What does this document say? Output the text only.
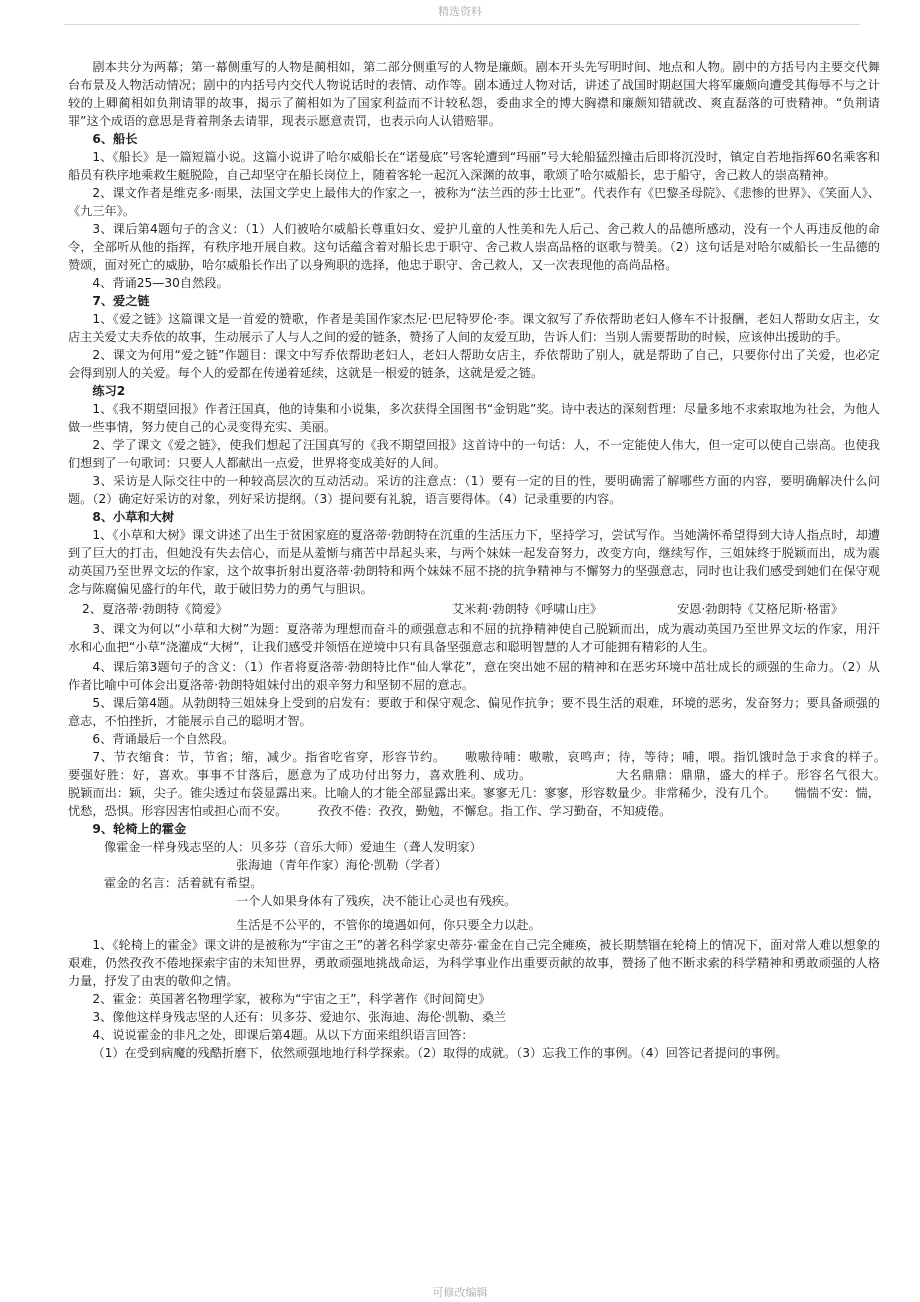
精选资料

剧本共分为两幕；第一幕侧重写的人物是蔺相如，第二部分侧重写的人物是廉颇。剧本开头先写明时间、地点和人物。剧中的方括号内主要交代舞台布景及人物活动情况；剧中的内括号内交代人物说话时的表情、动作等。剧本通过人物对话，讲述了战国时期赵国大将军廉颇向遭受其侮辱不与之计较的上卿蔺相如负荆请罪的故事，揭示了蔺相如为了国家利益而不计较私怨，委曲求全的博大胸襟和廉颇知错就改、爽直磊落的可贵精神。“负荆请罪”这个成语的意思是背着荆条去请罪，现表示愿意责罚，也表示向人认错赔罪。

6、船长

1、《船长》是一篇短篇小说。这篇小说讲了哈尔威船长在“诺曼底”号客轮遭到“玛丽”号大轮船猛烈撞击后即将沉没时，镇定自若地指挥60名乘客和船员有秩序地乘救生艇脱险，自己却坚守在船长岗位上，随着客轮一起沉入深渊的故事，歌颂了哈尔威船长，忠于船守，舍己救人的崇高精神。

2、课文作者是维克多·雨果，法国文学史上最伟大的作家之一，被称为“法兰西的莎士比亚”。代表作有《巴黎圣母院》、《悲惨的世界》、《笑面人》、《九三年》。

3、课后第4题句子的含义：（1）人们被哈尔威船长尊重妇女、爱护儿童的人性美和先人后己、舍己救人的品德所感动，没有一个人再违反他的命令，全部听从他的指挥，有秩序地开展自救。这句话蕴含着对船长忠于职守、舍己救人崇高品格的讴歌与赞美。（2）这句话是对哈尔威船长一生品德的赞颂，面对死亡的威胁，哈尔威船长作出了以身殉职的选择，他忠于职守、舍己救人，又一次表现他的高尚品格。

4、背诵25—30自然段。

7、爱之链

1、《爱之链》这篇课文是一首爱的赞歌，作者是美国作家杰尼·巴尼特罗伦·李。课文叙写了乔依帮助老妇人修车不计报酬，老妇人帮助女店主，女店主关爱丈夫乔依的故事，生动展示了人与人之间的爱的链条，赞扬了人间的友爱互助，告诉人们：当别人需要帮助的时候，应该伸出援助的手。

2、课文为何用“爱之链”作题目：课文中写乔依帮助老妇人，老妇人帮助女店主，乔依帮助了别人，就是帮助了自己，只要你付出了关爱，也必定会得到别人的关爱。每个人的爱都在传递着延续，这就是一根爱的链条，这就是爱之链。

练习2

1、《我不期望回报》作者汪国真，他的诗集和小说集，多次获得全国图书“金钥匙”奖。诗中表达的深刻哲理：尽量多地不求索取地为社会，为他人做一些事情，努力使自己的心灵变得充实、美丽。

2、学了课文《爱之链》，使我们想起了汪国真写的《我不期望回报》这首诗中的一句话：人，不一定能使人伟大，但一定可以使自己崇高。也使我们想到了一句歌词：只要人人都献出一点爱，世界将变成美好的人间。

3、采访是人际交往中的一种较高层次的互动活动。采访的注意点：（1）要有一定的目的性，要明确需了解哪些方面的内容，要明确解决什么问题。（2）确定好采访的对象，列好采访提纲。（3）提问要有礼貌，语言要得体。（4）记录重要的内容。

8、小草和大树

1、《小草和大树》课文讲述了出生于贫困家庭的夏洛蒂·勃朗特在沉重的生活压力下，坚持学习，尝试写作。当她满怀希望得到大诗人指点时，却遭到了巨大的打击，但她没有失去信心，而是从羞惭与痛苦中昂起头来，与两个妹妹一起发奋努力，改变方向，继续写作，三姐妹终于脱颖而出，成为震动英国乃至世界文坛的作家，这个故事折射出夏洛蒂·勃朗特和两个妹妹不屈不挠的抗争精神与不懈努力的坚强意志，同时也让我们感受到她们在保守观念与陈腐偏见盛行的年代，敢于破旧势力的勇气与胆识。

2、夏洛蒂·勃朗特《简爱》	艾米莉·勃朗特《呼啸山庄》	安恩·勃朗特《艾格尼斯·格雷》

3、课文为何以“小草和大树”为题：夏洛蒂为理想而奋斗的顽强意志和不屈的抗挣精神使自己脱颖而出，成为震动英国乃至世界文坛的作家，用汗水和心血把“小草”浇灌成“大树”，让我们感受并领悟在逆境中只有具备坚强意志和聪明智慧的人才可能拥有精彩的人生。

4、课后第3题句子的含义：（1）作者将夏洛蒂·勃朗特比作“仙人掌花”，意在突出她不屈的精神和在恶劣环境中茁壮成长的顽强的生命力。（2）从作者比喻中可体会出夏洛蒂·勃朗特姐妹付出的艰辛努力和坚韧不屈的意志。

5、课后第4题。从勃朗特三姐妹身上受到的启发有：要敢于和保守观念、偏见作抗争；要不畏生活的艰难，环境的恶劣，发奋努力；要具备顽强的意志，不怕挫折，才能展示自己的聪明才智。

6、背诵最后一个自然段。

7、节衣缩食：节，节省；缩，减少。指省吃省穿，形容节约。　　嗷嗷待哺：嗷嗷，哀鸣声；待，等待；哺，喂。指饥饿时急于求食的样子。　　　要强好胜：好，喜欢。事事不甘落后，愿意为了成功付出努力，喜欢胜利、成功。　　　　　　　大名鼎鼎：鼎鼎，盛大的样子。形容名气很大。　　　脱颖而出：颖，尖子。锥尖透过布袋显露出来。比喻人的才能全部显露出来。寥寥无几：寥寥，形容数量少。非常稀少，没有几个。　　惴惴不安：惴，忧愁，恐惧。形容因害怕或担心而不安。　　　孜孜不倦：孜孜，勤勉，不懈怠。指工作、学习勤奋，不知疲倦。

9、轮椅上的霍金

像霍金一样身残志坚的人：贝多芬（音乐大师）爱迪生（聋人发明家）

张海迪（青年作家）海伦·凯勒（学者）

霍金的名言：活着就有希望。

一个人如果身体有了残疾，决不能让心灵也有残疾。

生活是不公平的，不管你的境遇如何，你只要全力以赴。

1、《轮椅上的霍金》课文讲的是被称为“宇宙之王”的著名科学家史蒂芬·霍金在自己完全瘫痪，被长期禁锢在轮椅上的情况下，面对常人难以想象的艰难，仍然孜孜不倦地探索宇宙的未知世界，勇敢顽强地挑战命运，为科学事业作出重要贡献的故事，赞扬了他不断求索的科学精神和勇敢顽强的人格力量，抒发了由衷的敬仰之情。

2、霍金：英国著名物理学家，被称为“宇宙之王”，科学著作《时间简史》

3、像他这样身残志坚的人还有：贝多芬、爱迪尔、张海迪、海伦·凯勒、桑兰

4、说说霍金的非凡之处，即课后第4题。从以下方面来组织语言回答：

（1）在受到病魔的残酷折磨下，依然顽强地地行科学探索。（2）取得的成就。（3）忘我工作的事例。（4）回答记者提问的事例。

可修改编辑
